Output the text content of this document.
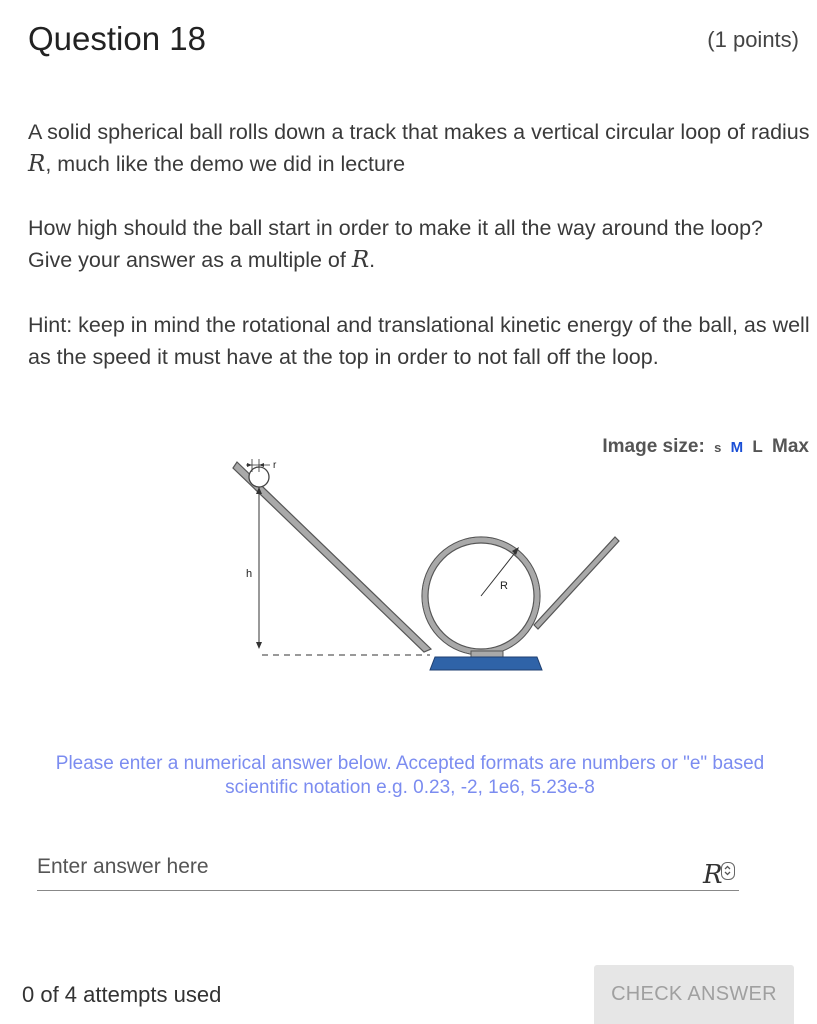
Question 18	(1 points)
A solid spherical ball rolls down a track that makes a vertical circular loop of radius R, much like the demo we did in lecture
How high should the ball start in order to make it all the way around the loop? Give your answer as a multiple of R.
Hint: keep in mind the rotational and translational kinetic energy of the ball, as well as the speed it must have at the top in order to not fall off the loop.
Image size: s M L Max
R
r
h
Please enter a numerical answer below. Accepted formats are numbers or "e" based scientific notation e.g. 0.23, -2, 1e6, 5.23e-8
Enter answer here
R
0 of 4 attempts used	CHECK ANSWER
